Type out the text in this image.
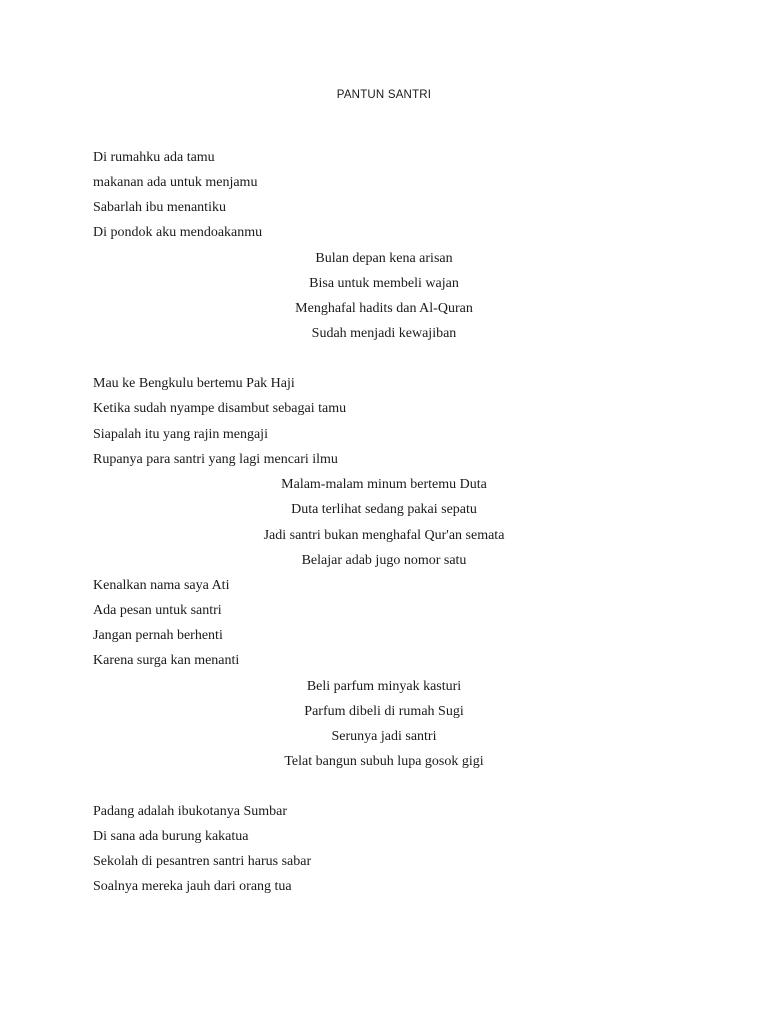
PANTUN SANTRI
Di rumahku ada tamu
makanan ada untuk menjamu
Sabarlah ibu menantiku
Di pondok aku mendoakanmu
Bulan depan kena arisan
Bisa untuk membeli wajan
Menghafal hadits dan Al-Quran
Sudah menjadi kewajiban
Mau ke Bengkulu bertemu Pak Haji
Ketika sudah nyampe disambut sebagai tamu
Siapalah itu yang rajin mengaji
Rupanya para santri yang lagi mencari ilmu
Malam-malam minum bertemu Duta
Duta terlihat sedang pakai sepatu
Jadi santri bukan menghafal Qur'an semata
Belajar adab jugo nomor satu
Kenalkan nama saya Ati
Ada pesan untuk santri
Jangan pernah berhenti
Karena surga kan menanti
Beli parfum minyak kasturi
Parfum dibeli di rumah Sugi
Serunya jadi santri
Telat bangun subuh lupa gosok gigi
Padang adalah ibukotanya Sumbar
Di sana ada burung kakatua
Sekolah di pesantren santri harus sabar
Soalnya mereka jauh dari orang tua
